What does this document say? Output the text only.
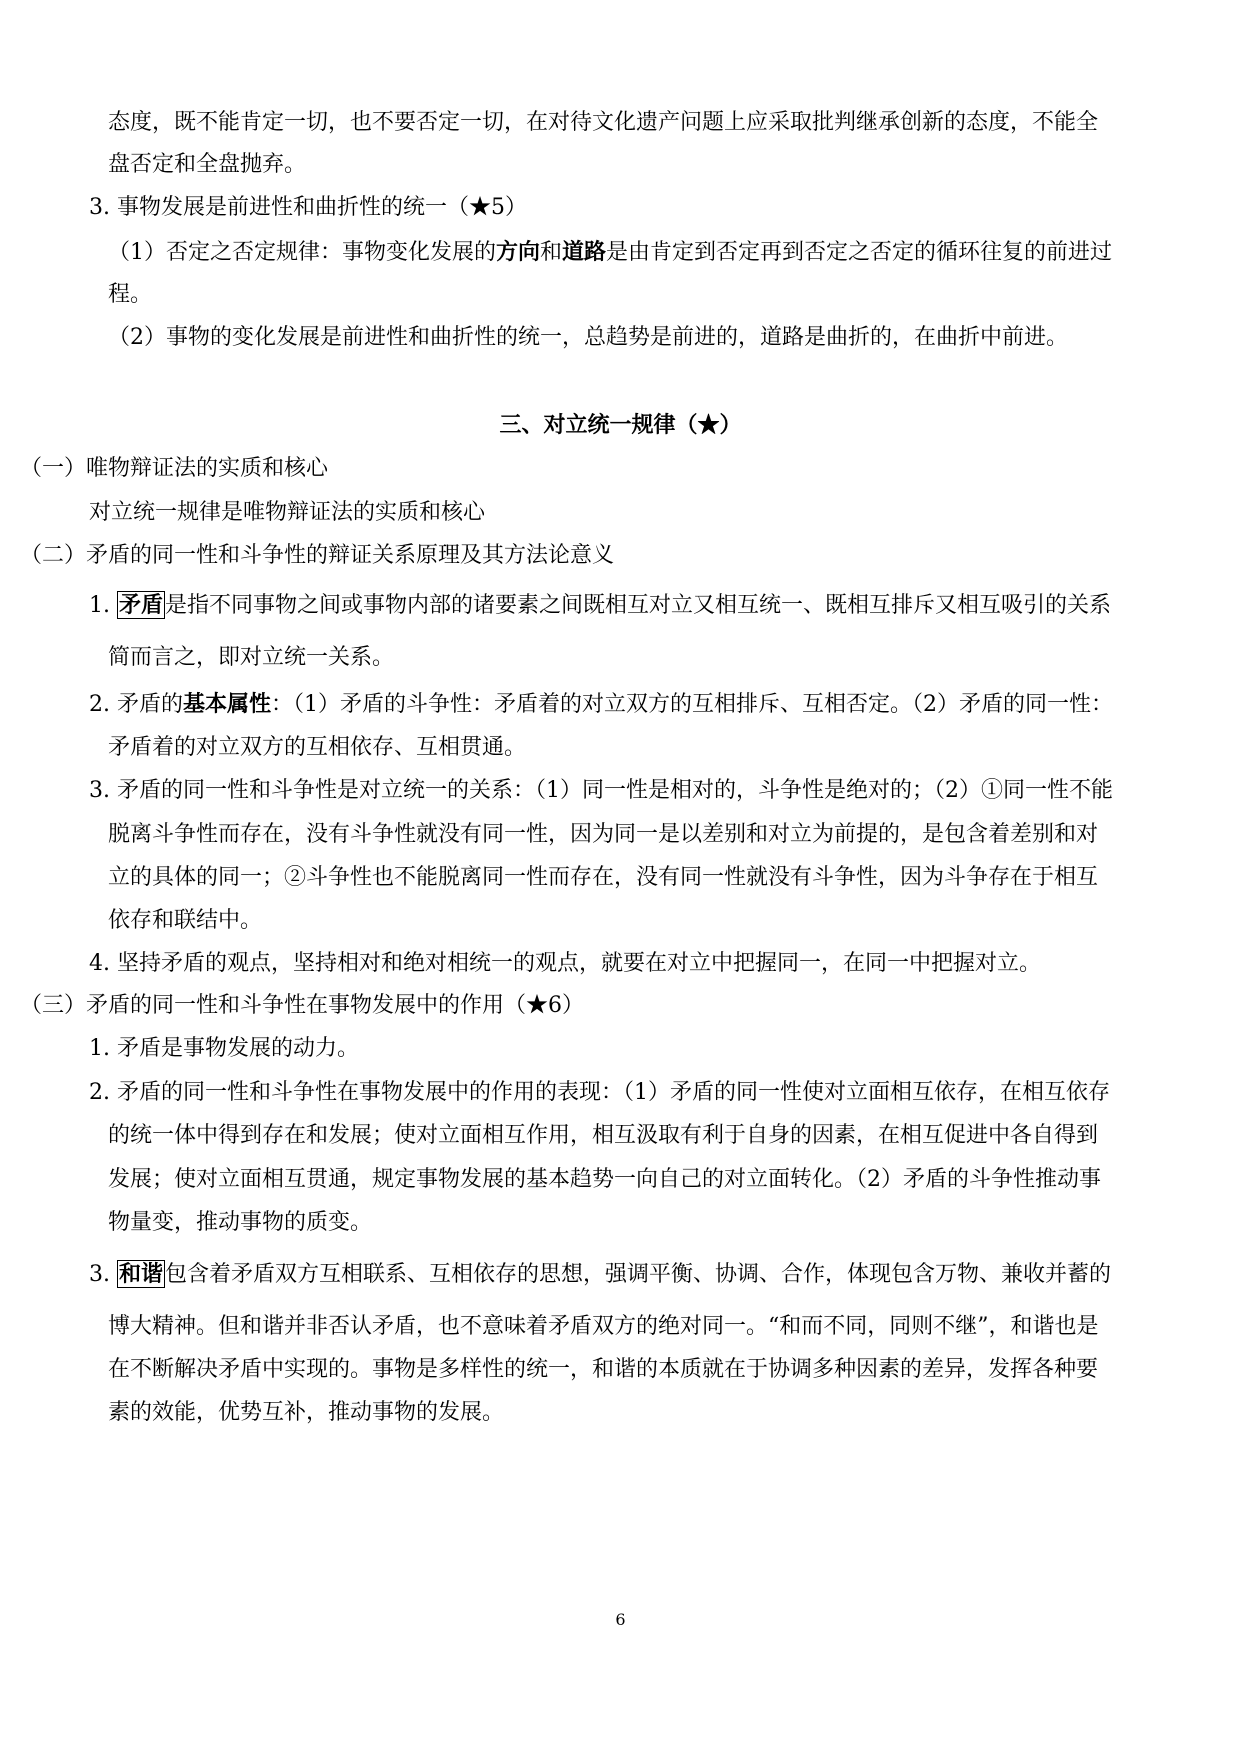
态度，既不能肯定一切，也不要否定一切，在对待文化遗产问题上应采取批判继承创新的态度，不能全
盘否定和全盘抛弃。
3. 事物发展是前进性和曲折性的统一（★5）
（1）否定之否定规律：事物变化发展的方向和道路是由肯定到否定再到否定之否定的循环往复的前进过
程。
（2）事物的变化发展是前进性和曲折性的统一，总趋势是前进的，道路是曲折的，在曲折中前进。
三、对立统一规律（★）
（一）唯物辩证法的实质和核心
对立统一规律是唯物辩证法的实质和核心
（二）矛盾的同一性和斗争性的辩证关系原理及其方法论意义
1. 矛盾是指不同事物之间或事物内部的诸要素之间既相互对立又相互统一、既相互排斥又相互吸引的关系
简而言之，即对立统一关系。
2. 矛盾的基本属性：（1）矛盾的斗争性：矛盾着的对立双方的互相排斥、互相否定。（2）矛盾的同一性：
矛盾着的对立双方的互相依存、互相贯通。
3. 矛盾的同一性和斗争性是对立统一的关系：（1）同一性是相对的，斗争性是绝对的；（2）①同一性不能
脱离斗争性而存在，没有斗争性就没有同一性，因为同一是以差别和对立为前提的，是包含着差别和对
立的具体的同一；②斗争性也不能脱离同一性而存在，没有同一性就没有斗争性，因为斗争存在于相互
依存和联结中。
4. 坚持矛盾的观点，坚持相对和绝对相统一的观点，就要在对立中把握同一，在同一中把握对立。
（三）矛盾的同一性和斗争性在事物发展中的作用（★6）
1. 矛盾是事物发展的动力。
2. 矛盾的同一性和斗争性在事物发展中的作用的表现：（1）矛盾的同一性使对立面相互依存，在相互依存
的统一体中得到存在和发展；使对立面相互作用，相互汲取有利于自身的因素，在相互促进中各自得到
发展；使对立面相互贯通，规定事物发展的基本趋势一向自己的对立面转化。（2）矛盾的斗争性推动事
物量变，推动事物的质变。
3. 和谐包含着矛盾双方互相联系、互相依存的思想，强调平衡、协调、合作，体现包含万物、兼收并蓄的
博大精神。但和谐并非否认矛盾，也不意味着矛盾双方的绝对同一。“和而不同，同则不继”，和谐也是
在不断解决矛盾中实现的。事物是多样性的统一，和谐的本质就在于协调多种因素的差异，发挥各种要
素的效能，优势互补，推动事物的发展。
6
